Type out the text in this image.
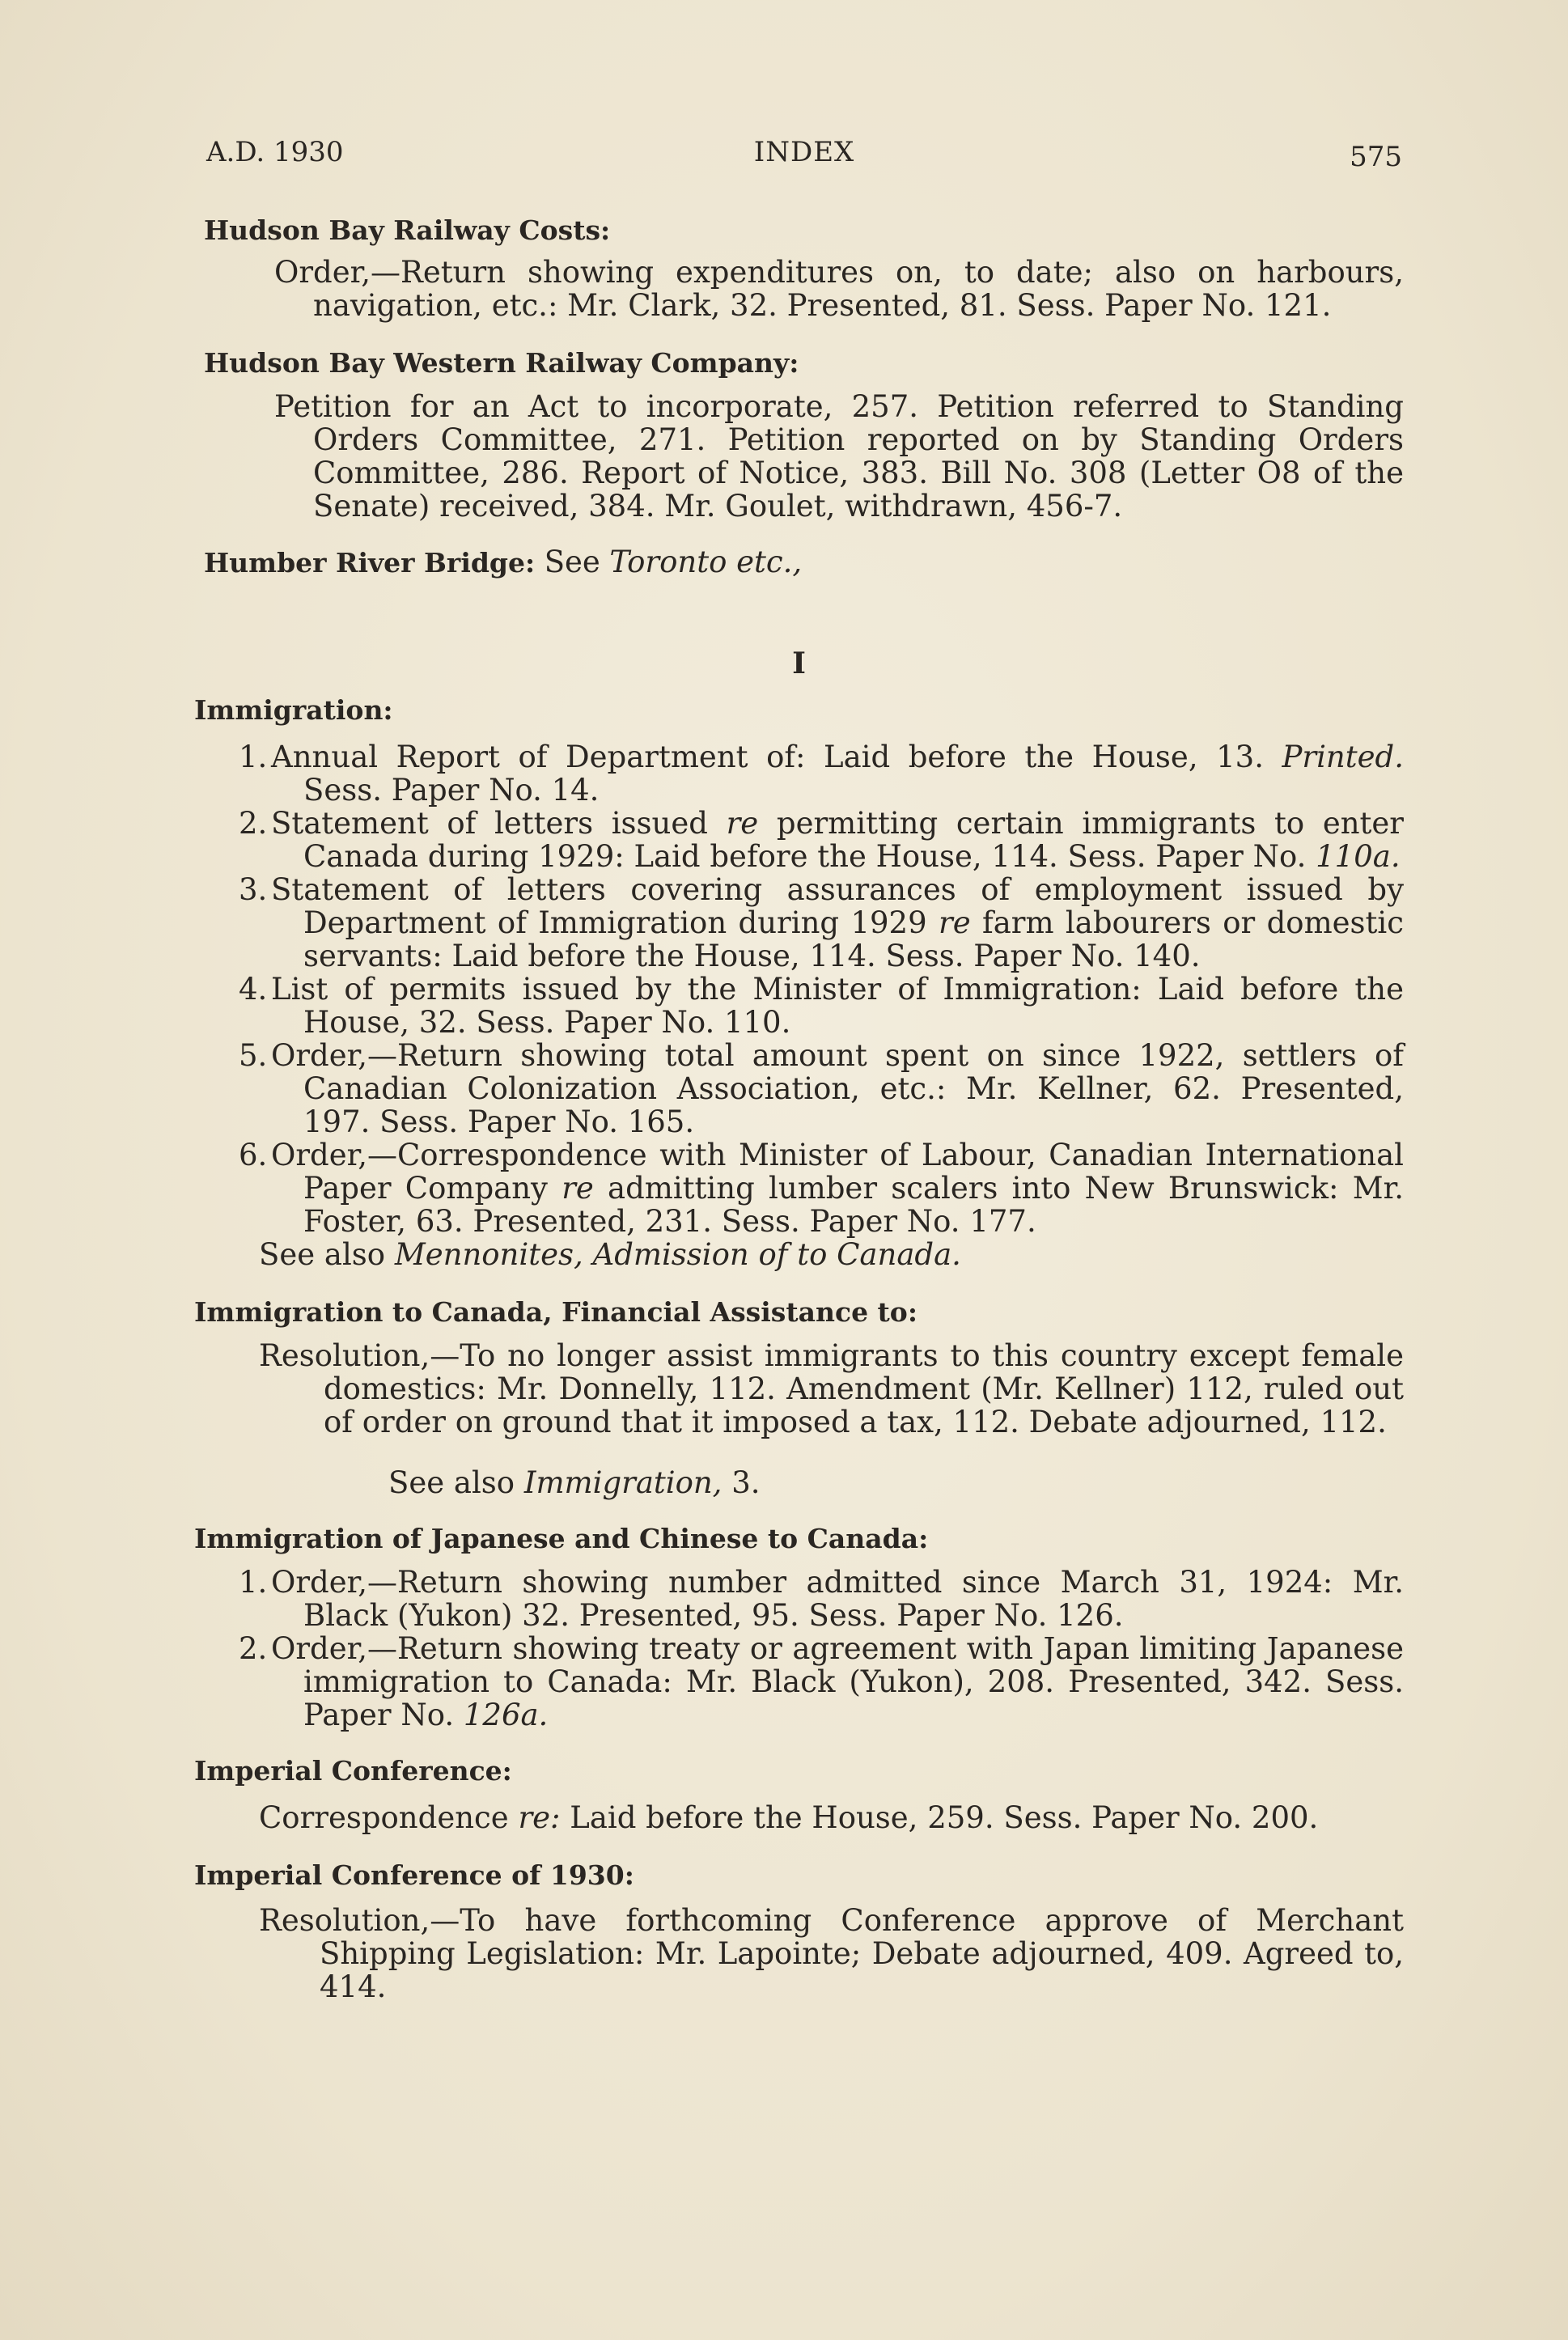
A.D. 1930	INDEX	575

Hudson Bay Railway Costs:

Order,—Return showing expenditures on, to date; also on harbours, navigation, etc.: Mr. Clark, 32. Presented, 81. Sess. Paper No. 121.

Hudson Bay Western Railway Company:

Petition for an Act to incorporate, 257. Petition referred to Standing Orders Committee, 271. Petition reported on by Standing Orders Committee, 286. Report of Notice, 383. Bill No. 308 (Letter O8 of the Senate) received, 384. Mr. Goulet, withdrawn, 456-7.

Humber River Bridge: See Toronto etc.,

I

Immigration:

1. Annual Report of Department of: Laid before the House, 13. Printed. Sess. Paper No. 14.
2. Statement of letters issued re permitting certain immigrants to enter Canada during 1929: Laid before the House, 114. Sess. Paper No. 110a.
3. Statement of letters covering assurances of employment issued by Department of Immigration during 1929 re farm labourers or domestic servants: Laid before the House, 114. Sess. Paper No. 140.
4. List of permits issued by the Minister of Immigration: Laid before the House, 32. Sess. Paper No. 110.
5. Order,—Return showing total amount spent on since 1922, settlers of Canadian Colonization Association, etc.: Mr. Kellner, 62. Presented, 197. Sess. Paper No. 165.
6. Order,—Correspondence with Minister of Labour, Canadian International Paper Company re admitting lumber scalers into New Brunswick: Mr. Foster, 63. Presented, 231. Sess. Paper No. 177.

See also Mennonites, Admission of to Canada.

Immigration to Canada, Financial Assistance to:

Resolution,—To no longer assist immigrants to this country except female domestics: Mr. Donnelly, 112. Amendment (Mr. Kellner) 112, ruled out of order on ground that it imposed a tax, 112. Debate adjourned, 112.

See also Immigration, 3.

Immigration of Japanese and Chinese to Canada:

1. Order,—Return showing number admitted since March 31, 1924: Mr. Black (Yukon) 32. Presented, 95. Sess. Paper No. 126.
2. Order,—Return showing treaty or agreement with Japan limiting Japanese immigration to Canada: Mr. Black (Yukon), 208. Presented, 342. Sess. Paper No. 126a.

Imperial Conference:

Correspondence re: Laid before the House, 259. Sess. Paper No. 200.

Imperial Conference of 1930:

Resolution,—To have forthcoming Conference approve of Merchant Shipping Legislation: Mr. Lapointe; Debate adjourned, 409. Agreed to, 414.
